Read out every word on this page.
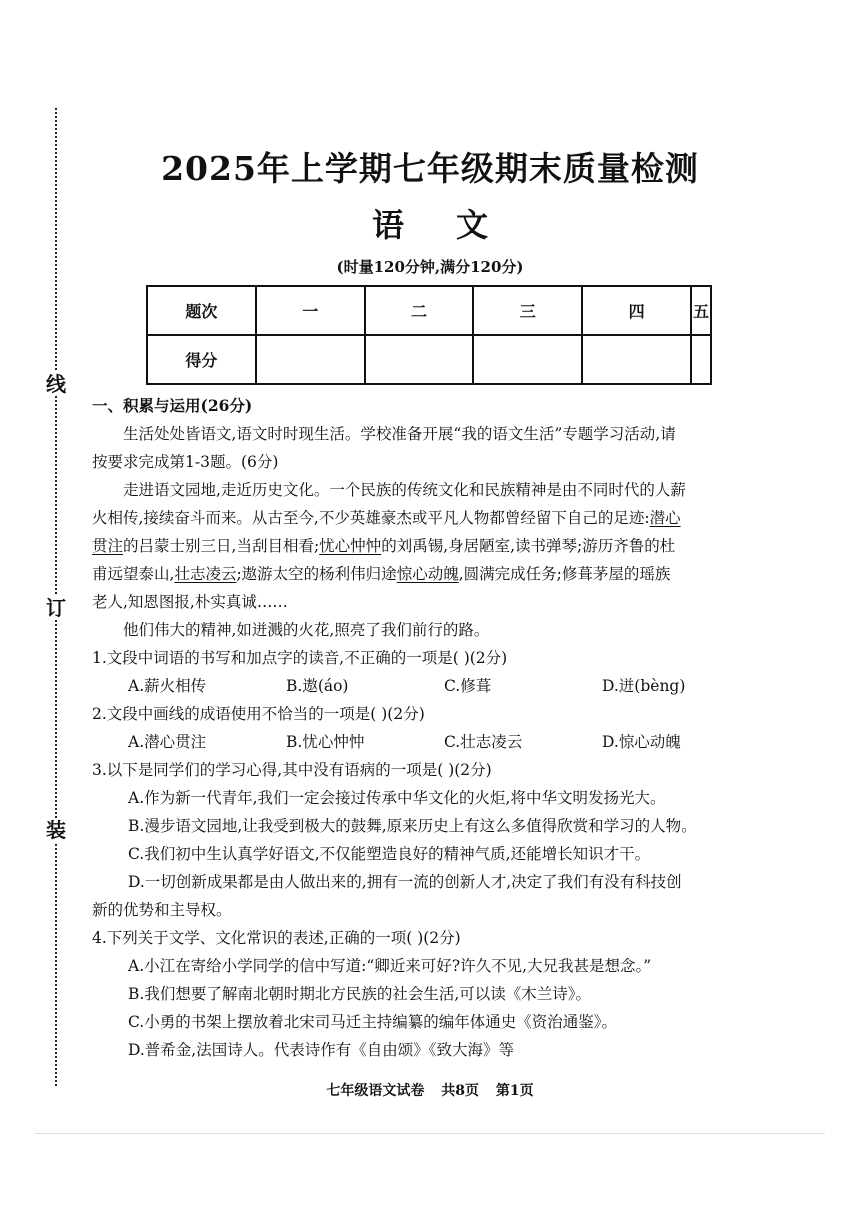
线
订
装
2025年上学期七年级期末质量检测
语文
(时量120分钟,满分120分)
题次	一	二	三	四	五
得分					
一、积累与运用(26分)
生活处处皆语文,语文时时现生活。学校准备开展“我的语文生活”专题学习活动,请
按要求完成第1-3题。(6分)
走进语文园地,走近历史文化。一个民族的传统文化和民族精神是由不同时代的人薪
火相传,接续奋斗而来。从古至今,不少英雄豪杰或平凡人物都曾经留下自己的足迹:潜心
贯注的吕蒙士别三日,当刮目相看;忧心忡忡的刘禹锡,身居陋室,读书弹琴;游历齐鲁的杜
甫远望泰山,壮志凌云;遨游太空的杨利伟归途惊心动魄,圆满完成任务;修葺茅屋的瑶族
老人,知恩图报,朴实真诚……
他们伟大的精神,如迸溅的火花,照亮了我们前行的路。
1.文段中词语的书写和加点字的读音,不正确的一项是( )(2分)
A.薪火相传	B.遨(áo)	C.修葺	D.迸(bèng)
2.文段中画线的成语使用不恰当的一项是( )(2分)
A.潜心贯注	B.忧心忡忡	C.壮志凌云	D.惊心动魄
3.以下是同学们的学习心得,其中没有语病的一项是( )(2分)
A.作为新一代青年,我们一定会接过传承中华文化的火炬,将中华文明发扬光大。
B.漫步语文园地,让我受到极大的鼓舞,原来历史上有这么多值得欣赏和学习的人物。
C.我们初中生认真学好语文,不仅能塑造良好的精神气质,还能增长知识才干。
D.一切创新成果都是由人做出来的,拥有一流的创新人才,决定了我们有没有科技创
新的优势和主导权。
4.下列关于文学、文化常识的表述,正确的一项( )(2分)
A.小江在寄给小学同学的信中写道:“卿近来可好?许久不见,大兄我甚是想念。”
B.我们想要了解南北朝时期北方民族的社会生活,可以读《木兰诗》。
C.小勇的书架上摆放着北宋司马迁主持编纂的编年体通史《资治通鉴》。
D.普希金,法国诗人。代表诗作有《自由颂》《致大海》等
七年级语文试卷 共8页 第1页
